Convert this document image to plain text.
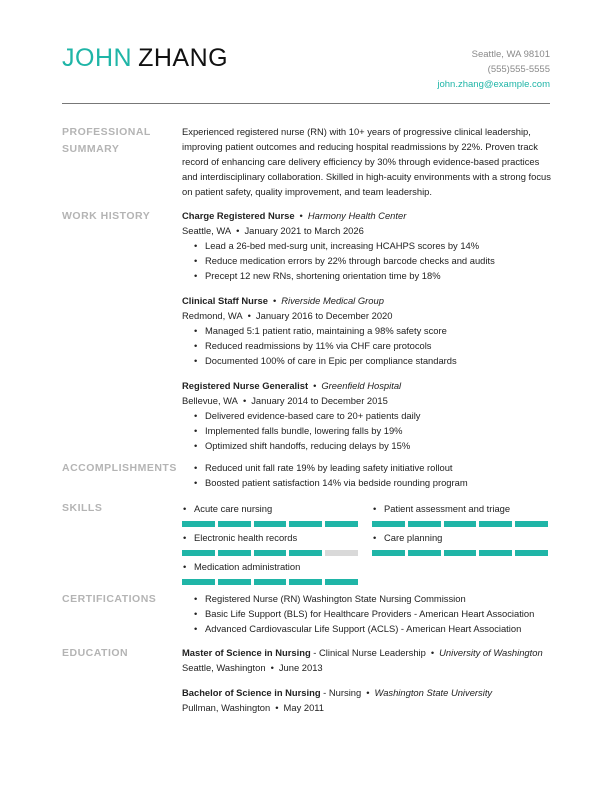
JOHN ZHANG	Seattle, WA 98101
(555)555-5555
john.zhang@example.com
PROFESSIONAL
SUMMARY
Experienced registered nurse (RN) with 10+ years of progressive clinical leadership, improving patient outcomes and reducing hospital readmissions by 22%. Proven track record of enhancing care delivery efficiency by 30% through evidence-based practices and interdisciplinary collaboration. Skilled in high-acuity environments with a strong focus on patient safety, quality improvement, and team leadership.
WORK HISTORY	Charge Registered Nurse • Harmony Health Center
Seattle, WA • January 2021 to March 2026
• Lead a 26-bed med-surg unit, increasing HCAHPS scores by 14%
• Reduce medication errors by 22% through barcode checks and audits
• Precept 12 new RNs, shortening orientation time by 18%
Clinical Staff Nurse • Riverside Medical Group
Redmond, WA • January 2016 to December 2020
• Managed 5:1 patient ratio, maintaining a 98% safety score
• Reduced readmissions by 11% via CHF care protocols
• Documented 100% of care in Epic per compliance standards
Registered Nurse Generalist • Greenfield Hospital
Bellevue, WA • January 2014 to December 2015
• Delivered evidence-based care to 20+ patients daily
• Implemented falls bundle, lowering falls by 19%
• Optimized shift handoffs, reducing delays by 15%
ACCOMPLISHMENTS	• Reduced unit fall rate 19% by leading safety initiative rollout
• Boosted patient satisfaction 14% via bedside rounding program
SKILLS	• Acute care nursing	• Patient assessment and triage
• Electronic health records	• Care planning
• Medication administration
CERTIFICATIONS	• Registered Nurse (RN) Washington State Nursing Commission
• Basic Life Support (BLS) for Healthcare Providers - American Heart Association
• Advanced Cardiovascular Life Support (ACLS) - American Heart Association
EDUCATION	Master of Science in Nursing - Clinical Nurse Leadership • University of Washington
Seattle, Washington • June 2013
Bachelor of Science in Nursing - Nursing • Washington State University
Pullman, Washington • May 2011
